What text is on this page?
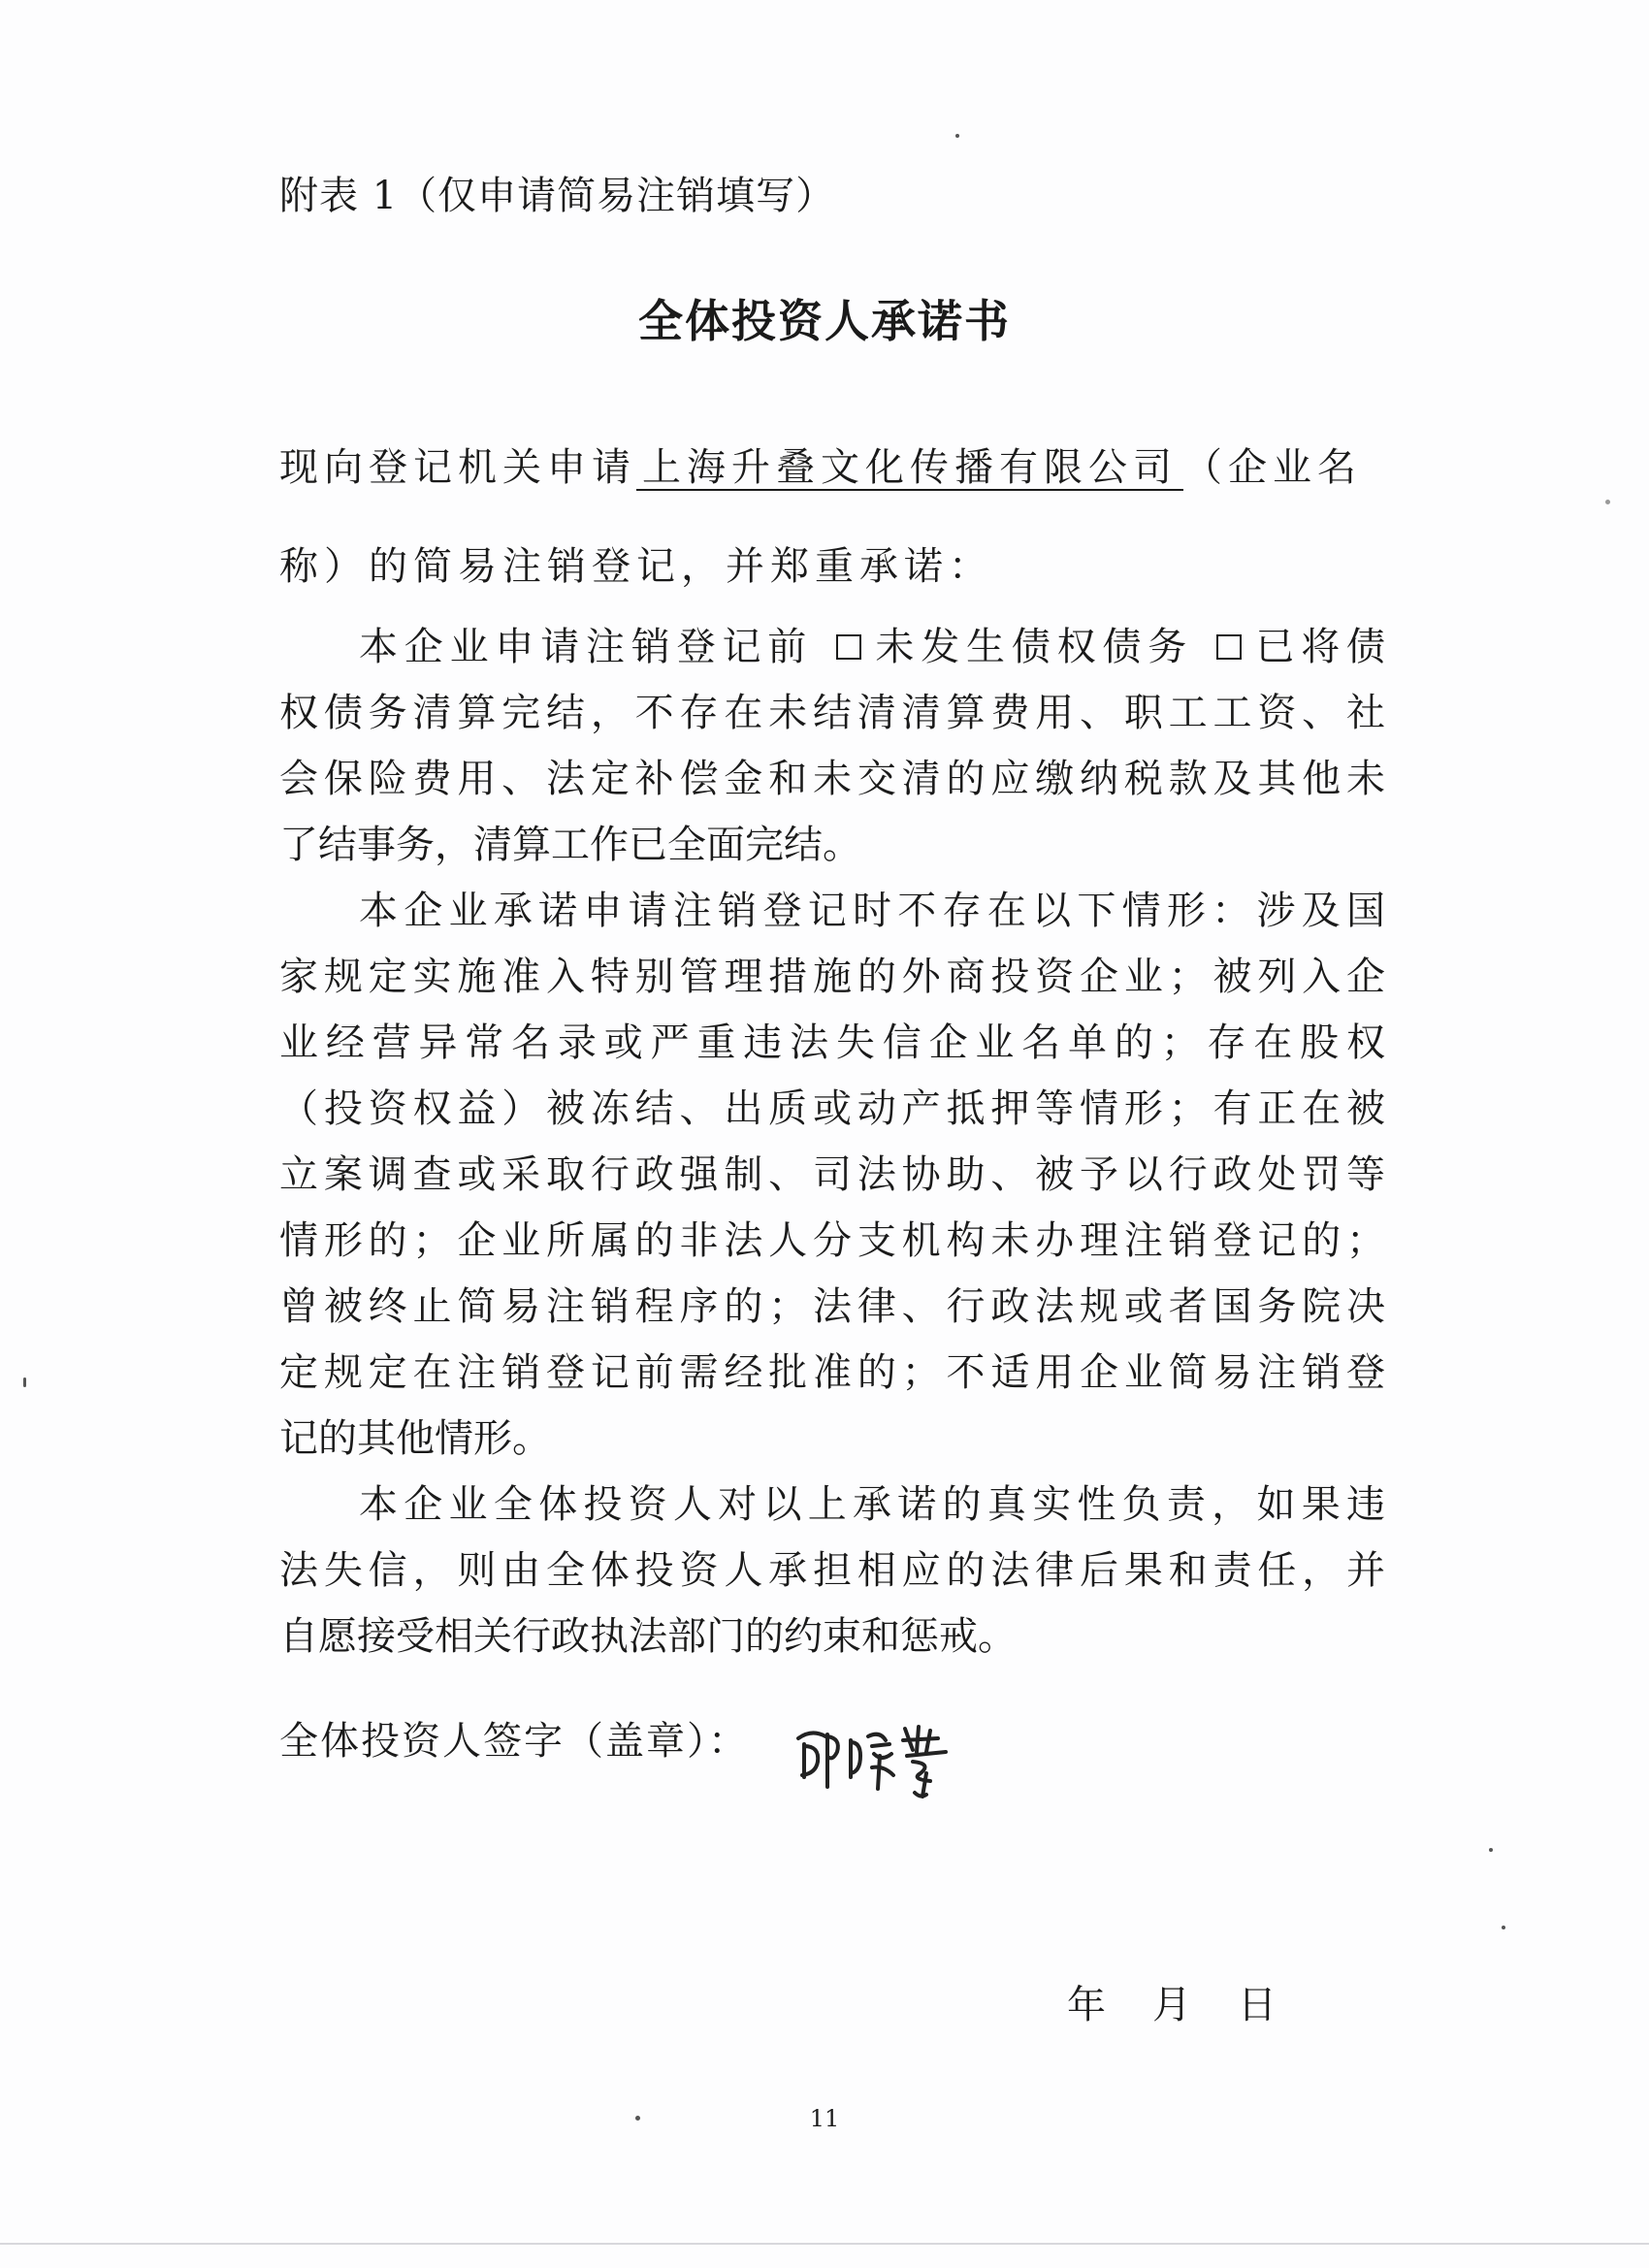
附表 1（仅申请简易注销填写）
全体投资人承诺书
现向登记机关申请 上海升叠文化传播有限公司 （企业名
称）的简易注销登记，并郑重承诺：
本企业申请注销登记前 未发生债权债务 已将债
权债务清算完结，不存在未结清清算费用、职工工资、社
会保险费用、法定补偿金和未交清的应缴纳税款及其他未
了结事务，清算工作已全面完结。
本企业承诺申请注销登记时不存在以下情形：涉及国
家规定实施准入特别管理措施的外商投资企业；被列入企
业经营异常名录或严重违法失信企业名单的；存在股权
（投资权益）被冻结、出质或动产抵押等情形；有正在被
立案调查或采取行政强制、司法协助、被予以行政处罚等
情形的；企业所属的非法人分支机构未办理注销登记的；
曾被终止简易注销程序的；法律、行政法规或者国务院决
定规定在注销登记前需经批准的；不适用企业简易注销登
记的其他情形。
本企业全体投资人对以上承诺的真实性负责，如果违
法失信，则由全体投资人承担相应的法律后果和责任，并
自愿接受相关行政执法部门的约束和惩戒。
全体投资人签字（盖章）：
年 月 日
11
